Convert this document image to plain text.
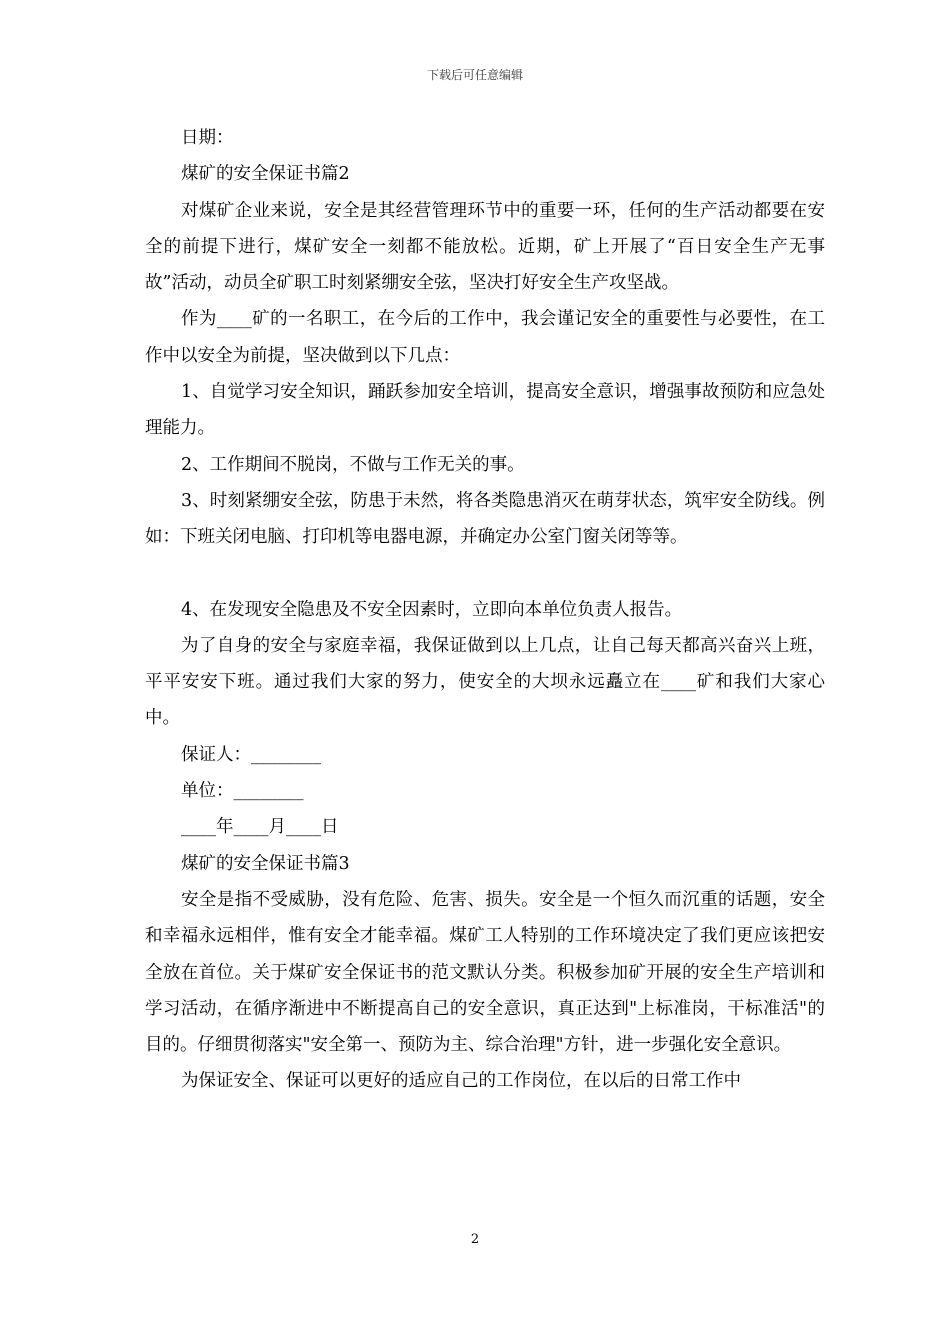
下载后可任意编辑

日期：

煤矿的安全保证书篇2

对煤矿企业来说，安全是其经营管理环节中的重要一环，任何的生产活动都要在安全的前提下进行，煤矿安全一刻都不能放松。近期，矿上开展了“百日安全生产无事故”活动，动员全矿职工时刻紧绷安全弦，坚决打好安全生产攻坚战。

作为____矿的一名职工，在今后的工作中，我会谨记安全的重要性与必要性，在工作中以安全为前提，坚决做到以下几点：

1、自觉学习安全知识，踊跃参加安全培训，提高安全意识，增强事故预防和应急处理能力。

2、工作期间不脱岗，不做与工作无关的事。

3、时刻紧绷安全弦，防患于未然，将各类隐患消灭在萌芽状态，筑牢安全防线。例如：下班关闭电脑、打印机等电器电源，并确定办公室门窗关闭等等。

4、在发现安全隐患及不安全因素时，立即向本单位负责人报告。

为了自身的安全与家庭幸福，我保证做到以上几点，让自己每天都高兴奋兴上班，平平安安下班。通过我们大家的努力，使安全的大坝永远矗立在____矿和我们大家心中。

保证人：________

单位：________

____年____月____日

煤矿的安全保证书篇3

安全是指不受威胁，没有危险、危害、损失。安全是一个恒久而沉重的话题，安全和幸福永远相伴，惟有安全才能幸福。煤矿工人特别的工作环境决定了我们更应该把安全放在首位。关于煤矿安全保证书的范文默认分类。积极参加矿开展的安全生产培训和学习活动，在循序渐进中不断提高自己的安全意识，真正达到"上标准岗，干标准活"的目的。仔细贯彻落实"安全第一、预防为主、综合治理"方针，进一步强化安全意识。

为保证安全、保证可以更好的适应自己的工作岗位，在以后的日常工作中

2
